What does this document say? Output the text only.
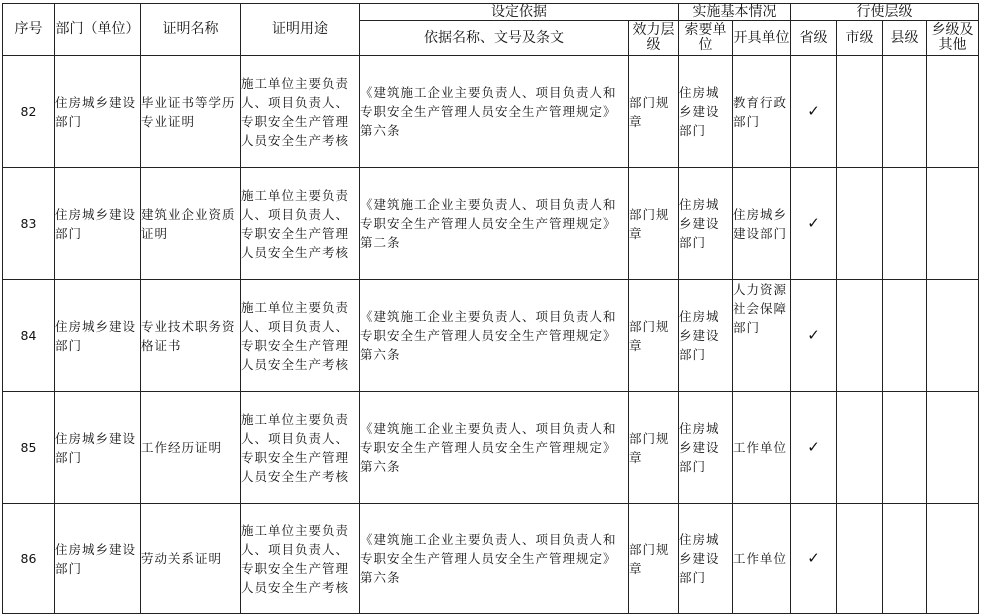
序号	部门（单位）	证明名称	证明用途	设定依据		实施基本情况		行使层级			
				依据名称、文号及条文	效力层级	索要单位	开具单位	省级	市级	县级	乡级及其他
82	住房城乡建设部门	毕业证书等学历专业证明	施工单位主要负责人、项目负责人、专职安全生产管理人员安全生产考核	《建筑施工企业主要负责人、项目负责人和专职安全生产管理人员安全生产管理规定》第六条	部门规章	住房城乡建设部门	教育行政部门	✓			
83	住房城乡建设部门	建筑业企业资质证明	施工单位主要负责人、项目负责人、专职安全生产管理人员安全生产考核	《建筑施工企业主要负责人、项目负责人和专职安全生产管理人员安全生产管理规定》第二条	部门规章	住房城乡建设部门	住房城乡建设部门	✓			
84	住房城乡建设部门	专业技术职务资格证书	施工单位主要负责人、项目负责人、专职安全生产管理人员安全生产考核	《建筑施工企业主要负责人、项目负责人和专职安全生产管理人员安全生产管理规定》第六条	部门规章	住房城乡建设部门	人力资源社会保障部门	✓			
85	住房城乡建设部门	工作经历证明	施工单位主要负责人、项目负责人、专职安全生产管理人员安全生产考核	《建筑施工企业主要负责人、项目负责人和专职安全生产管理人员安全生产管理规定》第六条	部门规章	住房城乡建设部门	工作单位	✓			
86	住房城乡建设部门	劳动关系证明	施工单位主要负责人、项目负责人、专职安全生产管理人员安全生产考核	《建筑施工企业主要负责人、项目负责人和专职安全生产管理人员安全生产管理规定》第六条	部门规章	住房城乡建设部门	工作单位	✓			
